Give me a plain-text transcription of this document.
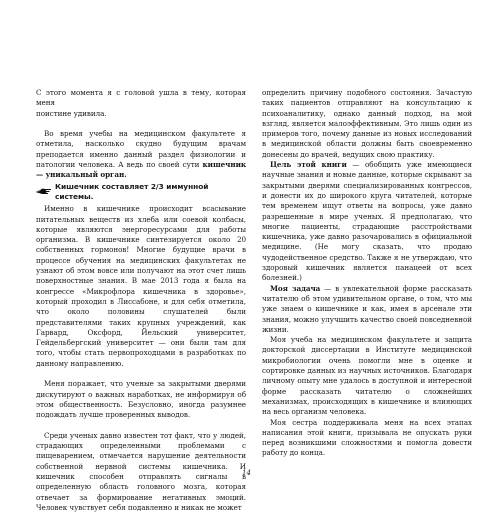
С этого момента я с головой ушла в тему, которая меня

поистине удивила.

Во время учебы на медицинском факультете я отметила, насколько скудно будущим врачам преподается именно данный раздел физиологии и патологии человека. А ведь по своей сути кишечник — уникальный орган.

Кишечник составляет 2/3 иммунной системы.

Именно в кишечнике происходит всасывание питательных веществ из хлеба или соевой колбасы, которые являются энергоресурсами для работы организма. В кишечнике синтезируется около 20 собственных гормонов! Многие будущие врачи в процессе обучения на медицинских факультетах не узнают об этом вовсе или получают на этот счет лишь поверхностные знания. В мае 2013 года я была на конгрессе «Микрофлора кишечника в здоровье», который проходил в Лиссабоне, и для себя отметила, что около половины слушателей были представителями таких крупных учреждений, как Гарвард, Оксфорд, Йельский университет, Гейдельбергский университет — они были там для того, чтобы стать первопроходцами в разработках по данному направлению.

Меня поражает, что ученые за закрытыми дверями дискутируют о важных наработках, не информируя об этом общественность. Безусловно, иногда разумнее подождать лучше проверенных выводов.

Среди ученых давно известен тот факт, что у людей, страдающих определенными проблемами с пищеварением, отмечается нарушение деятельности собственной нервной системы кишечника. И кишечник способен отправлять сигналы в определенную область головного мозга, которая отвечает за формирование негативных эмоций. Человек чувствует себя подавленно и никак не может

определить причину подобного состояния. Зачастую таких пациентов отправляют на консультацию к психоаналитику, однако данный подход, на мой взгляд, является малоэффективным. Это лишь один из примеров того, почему данные из новых исследований в медицинской области должны быть своевременно донесены до врачей, ведущих свою практику.

Цель этой книги — обобщить уже имеющиеся научные знания и новые данные, которые скрывают за закрытыми дверями специализированных конгрессов, и донести их до широкого круга читателей, которые тем временем ищут ответы на вопросы, уже давно разрешенные в мире ученых. Я предполагаю, что многие пациенты, страдающие расстройствами кишечника, уже давно разочаровались в официальной медицине. (Не могу сказать, что продаю чудодейственное средство. Также я не утверждаю, что здоровый кишечник является панацеей от всех болезней.)

Моя задача — в увлекательной форме рассказать читателю об этом удивительном органе, о том, что мы уже знаем о кишечнике и как, имея в арсенале эти знания, можно улучшить качество своей повседневной жизни.

Моя учеба на медицинском факультете и защита докторской диссертации в Институте медицинской микробиологии очень помогли мне в оценке и сортировке данных из научных источников. Благодаря личному опыту мне удалось в доступной и интересной форме рассказать читателю о сложнейших механизмах, происходящих в кишечнике и влияющих на весь организм человека.

Моя сестра поддерживала меня на всех этапах написания этой книги, призывала не опускать руки перед возникшими сложностями и помогла довести работу до конца.

14
